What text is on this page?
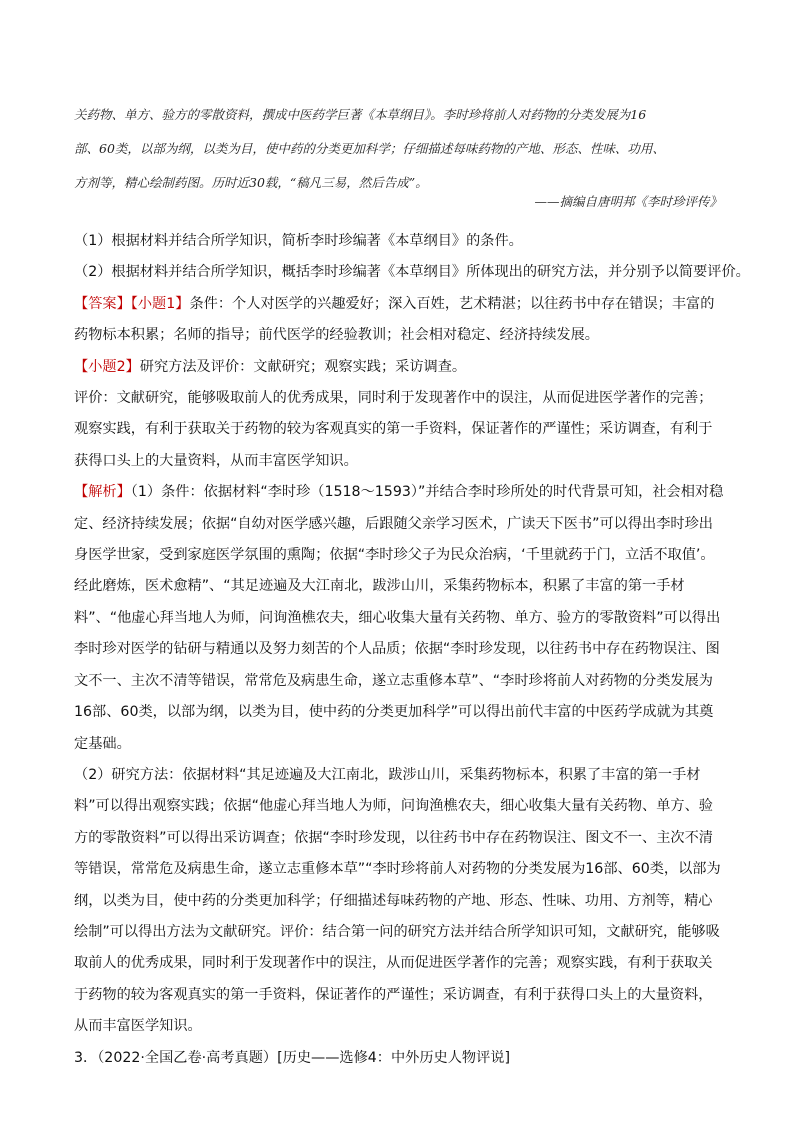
关药物、单方、验方的零散资料，撰成中医药学巨著《本草纲目》。李时珍将前人对药物的分类发展为16

部、60类，以部为纲，以类为目，使中药的分类更加科学；仔细描述每味药物的产地、形态、性味、功用、

方剂等，精心绘制药图。历时近30载，“稿凡三易，然后告成”。

——摘编自唐明邦《李时珍评传》

（1）根据材料并结合所学知识，简析李时珍编著《本草纲目》的条件。

（2）根据材料并结合所学知识，概括李时珍编著《本草纲目》所体现出的研究方法，并分别予以简要评价。

【答案】【小题1】条件：个人对医学的兴趣爱好；深入百姓，艺术精湛；以往药书中存在错误；丰富的药物标本积累；名师的指导；前代医学的经验教训；社会相对稳定、经济持续发展。

【小题2】研究方法及评价：文献研究；观察实践；采访调查。

评价：文献研究，能够吸取前人的优秀成果，同时利于发现著作中的误注，从而促进医学著作的完善；观察实践，有利于获取关于药物的较为客观真实的第一手资料，保证著作的严谨性；采访调查，有利于获得口头上的大量资料，从而丰富医学知识。

【解析】（1）条件：依据材料“李时珍（1518～1593）”并结合李时珍所处的时代背景可知，社会相对稳定、经济持续发展；依据“自幼对医学感兴趣，后跟随父亲学习医术，广读天下医书”可以得出李时珍出身医学世家，受到家庭医学氛围的熏陶；依据“李时珍父子为民众治病，‘千里就药于门，立活不取值’。经此磨炼，医术愈精”、“其足迹遍及大江南北，跋涉山川，采集药物标本，积累了丰富的第一手材料”、“他虚心拜当地人为师，问询渔樵农夫，细心收集大量有关药物、单方、验方的零散资料”可以得出李时珍对医学的钻研与精通以及努力刻苦的个人品质；依据“李时珍发现，以往药书中存在药物误注、图文不一、主次不清等错误，常常危及病患生命，遂立志重修本草”、“李时珍将前人对药物的分类发展为16部、60类，以部为纲，以类为目，使中药的分类更加科学”可以得出前代丰富的中医药学成就为其奠定基础。

（2）研究方法：依据材料“其足迹遍及大江南北，跋涉山川，采集药物标本，积累了丰富的第一手材料”可以得出观察实践；依据“他虚心拜当地人为师，问询渔樵农夫，细心收集大量有关药物、单方、验方的零散资料”可以得出采访调查；依据“李时珍发现，以往药书中存在药物误注、图文不一、主次不清等错误，常常危及病患生命，遂立志重修本草”“李时珍将前人对药物的分类发展为16部、60类，以部为纲，以类为目，使中药的分类更加科学；仔细描述每味药物的产地、形态、性味、功用、方剂等，精心绘制”可以得出方法为文献研究。评价：结合第一问的研究方法并结合所学知识可知，文献研究，能够吸取前人的优秀成果，同时利于发现著作中的误注，从而促进医学著作的完善；观察实践，有利于获取关于药物的较为客观真实的第一手资料，保证著作的严谨性；采访调查，有利于获得口头上的大量资料，从而丰富医学知识。

3．（2022·全国乙卷·高考真题）[历史——选修4：中外历史人物评说]
